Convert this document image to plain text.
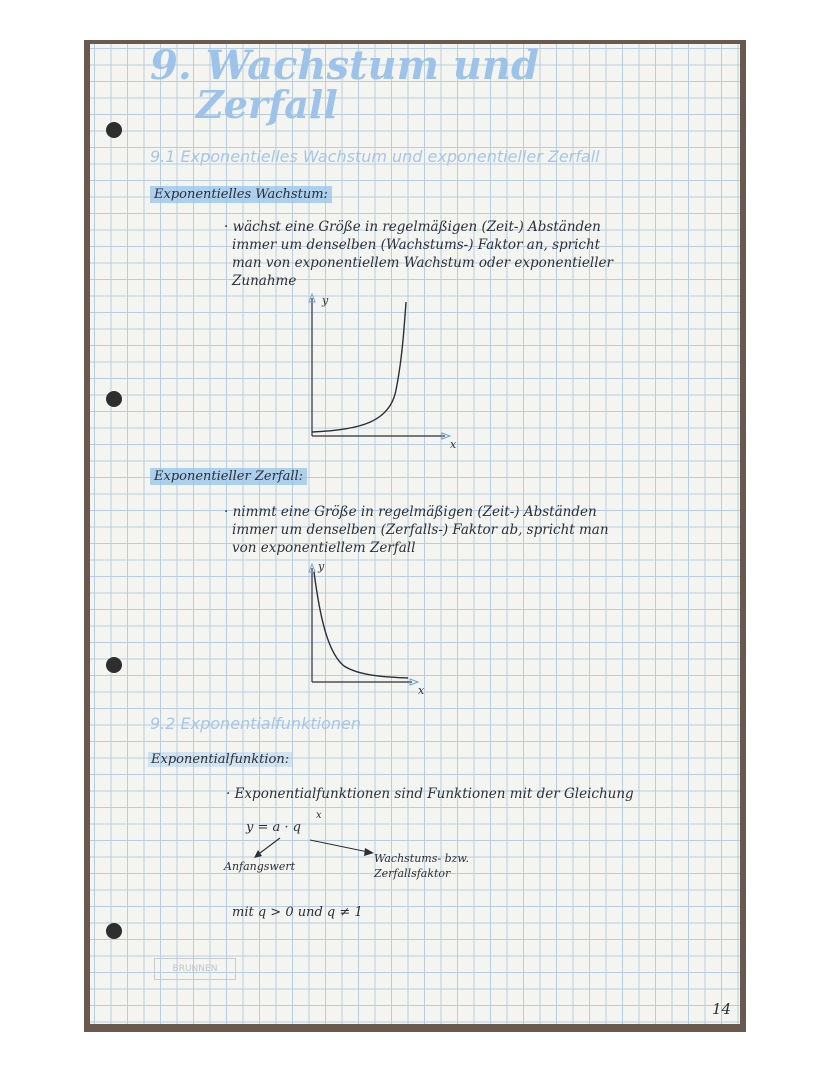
9. Wachstum und
Zerfall
9.1 Exponentielles Wachstum und exponentieller Zerfall
Exponentielles Wachstum:
· wächst eine Größe in regelmäßigen (Zeit-) Abständen
immer um denselben (Wachstums-) Faktor an, spricht
man von exponentiellem Wachstum oder exponentieller
Zunahme
y
x
Exponentieller Zerfall:
· nimmt eine Größe in regelmäßigen (Zeit-) Abständen
immer um denselben (Zerfalls-) Faktor ab, spricht man
von exponentiellem Zerfall
y
x
9.2 Exponentialfunktionen
Exponentialfunktion:
· Exponentialfunktionen sind Funktionen mit der Gleichung
y = a · q
x
Anfangswert
Wachstums- bzw.
Zerfallsfaktor
mit q > 0 und q ≠ 1
BRUNNEN
14
